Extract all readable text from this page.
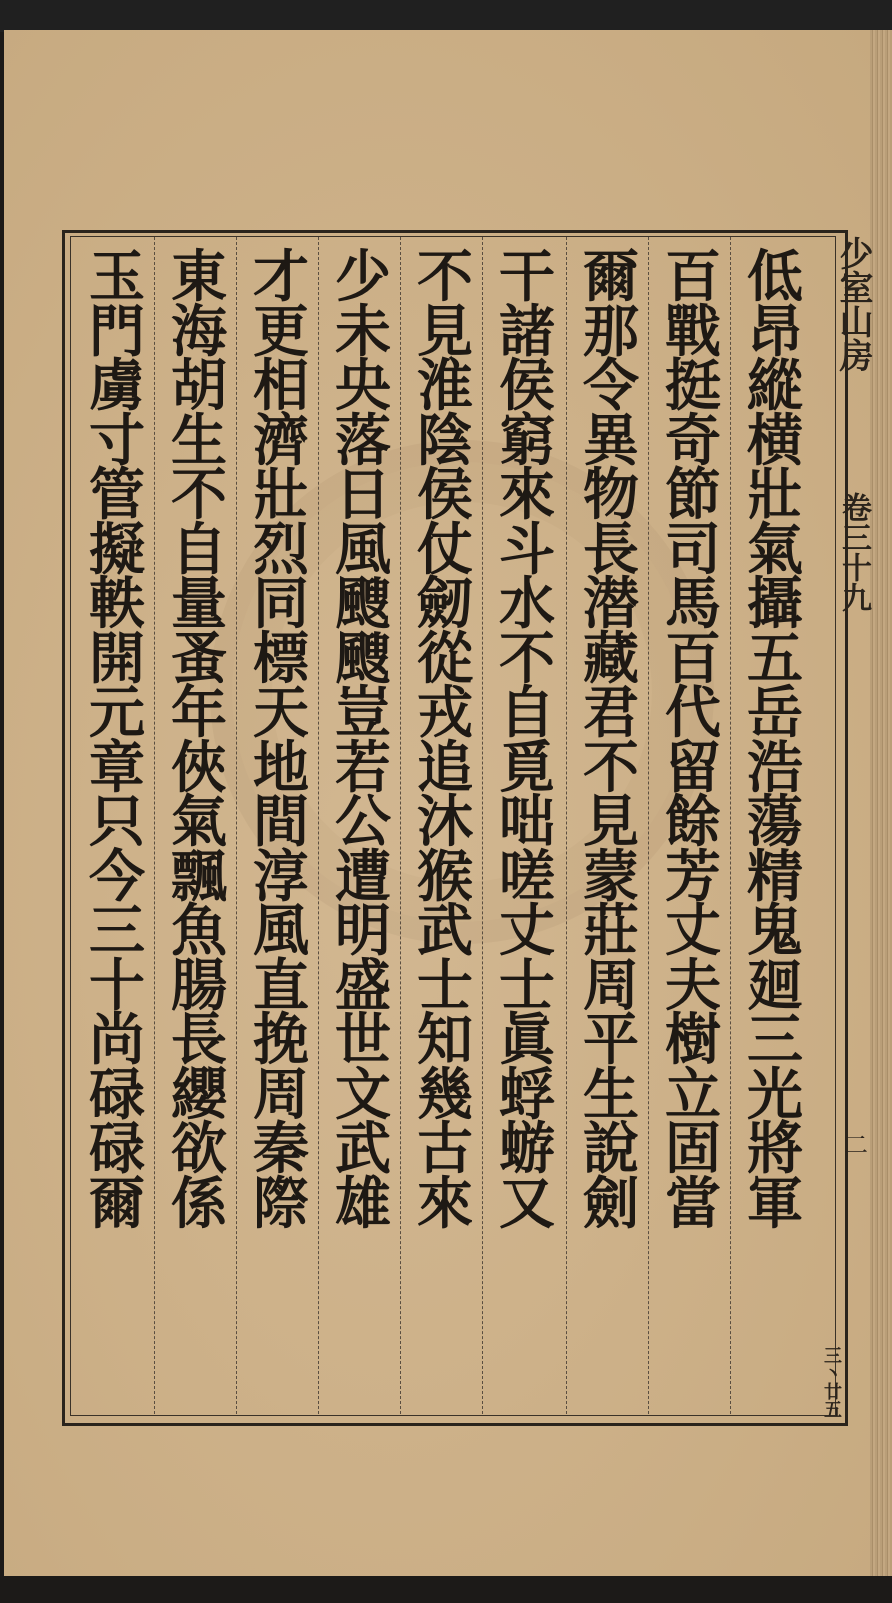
低
昂
縱
横
壯
氣
攝
五
岳
浩
蕩
精
鬼
廻
三
光
將
軍
百
戰
挺
奇
節
司
馬
百
代
留
餘
芳
丈
夫
樹
立
固
當
爾
那
令
異
物
長
潜
藏
君
不
見
蒙
莊
周
平
生
說
劍
干
諸
侯
窮
來
斗
水
不
自
覓
咄
嗟
丈
士
眞
蜉
蝣
又
不
見
淮
陰
侯
仗
劒
從
戎
追
沐
猴
武
士
知
幾
古
來
少
未
央
落
日
風
颼
颼
豈
若
公
遭
明
盛
世
文
武
雄
才
更
相
濟
壯
烈
同
標
天
地
間
淳
風
直
挽
周
秦
際
東
海
胡
生
不
自
量
蚤
年
俠
氣
飄
魚
腸
長
纓
欲
係
玉
門
虜
寸
管
擬
軼
開
元
章
只
今
三
十
尚
碌
碌
爾
少室山房
卷三十九
二
三丶廿五
